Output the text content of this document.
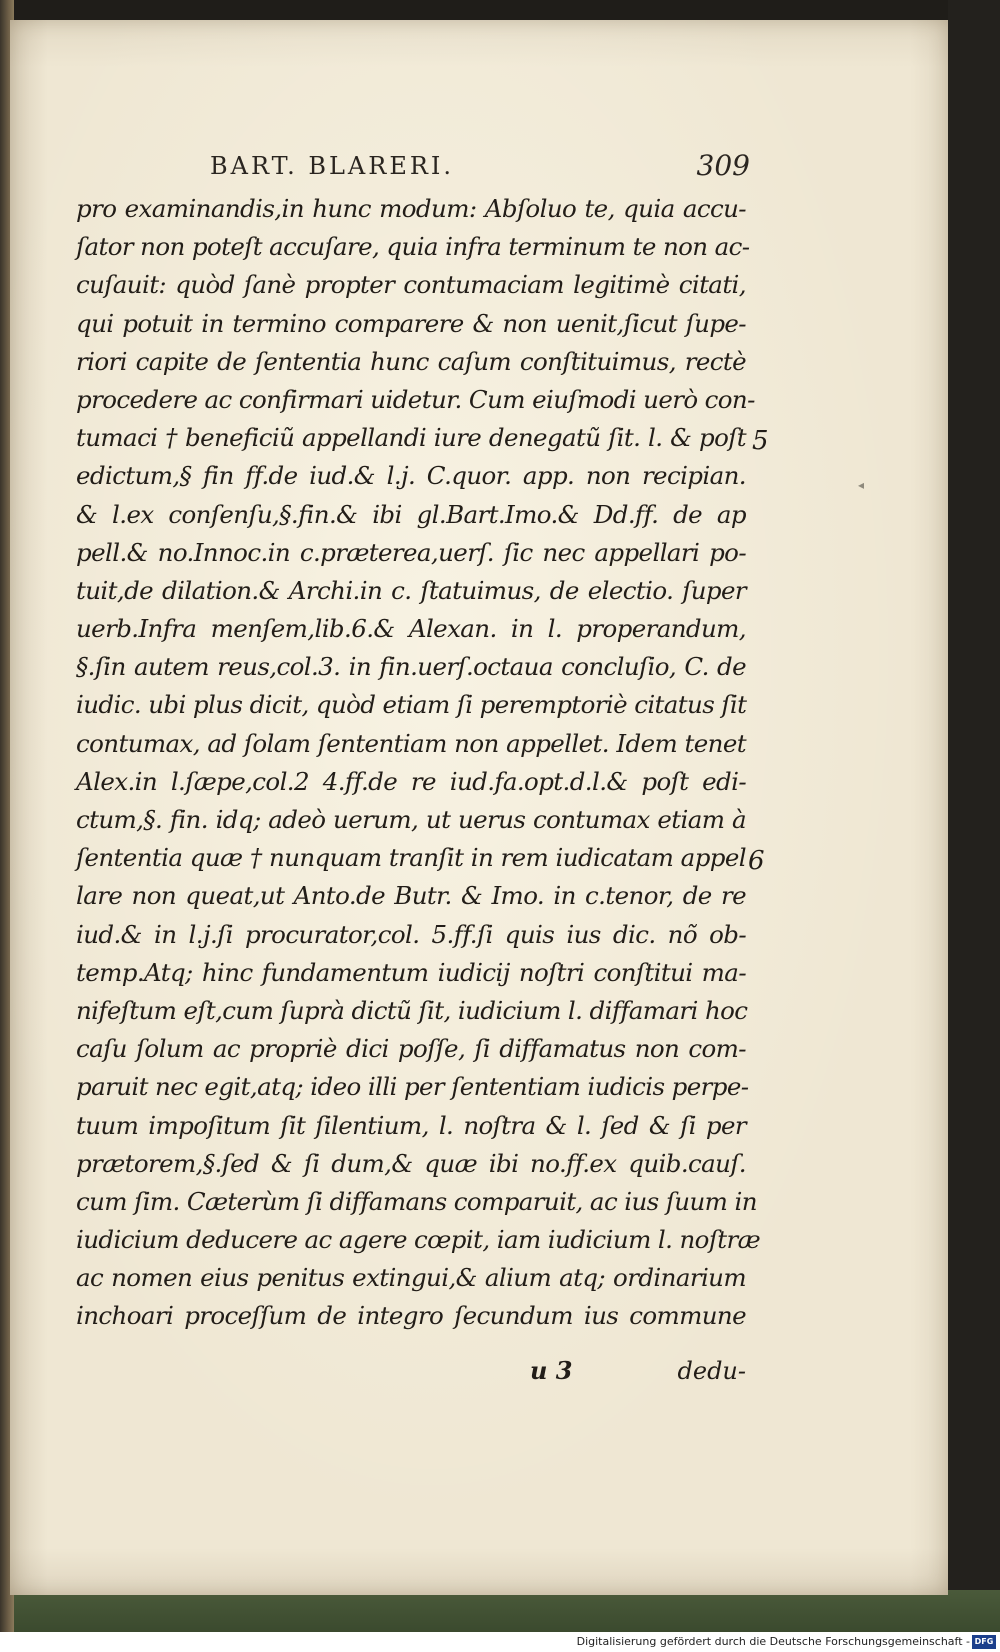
BART. BLARERI.	309
pro examinandis,in hunc modum: Abſoluo te, quia accu-
ſator non poteſt accuſare, quia infra terminum te non ac-
cuſauit: quòd ſanè propter contumaciam legitimè citati,
qui potuit in termino comparere & non uenit,ſicut ſupe-
riori capite de ſententia hunc caſum conſtituimus, rectè
procedere ac confirmari uidetur. Cum eiuſmodi uerò con-
tumaci † beneficiũ appellandi iure denegatũ ſit. l. & poſt
edictum,§ fin ff.de iud.& l.j. C.quor. app. non recipian.
& l.ex conſenſu,§.fin.& ibi gl.Bart.Imo.& Dd.ff. de ap
pell.& no.Innoc.in c.præterea,uerſ. ſic nec appellari po-
tuit,de dilation.& Archi.in c. ſtatuimus, de electio. ſuper
uerb.Infra menſem,lib.6.& Alexan. in l. properandum,
§.ſin autem reus,col.3. in fin.uerſ.octaua concluſio, C. de
iudic. ubi plus dicit, quòd etiam ſi peremptoriè citatus ſit
contumax, ad ſolam ſententiam non appellet. Idem tenet
Alex.in l.ſæpe,col.2 4.ff.de re iud.fa.opt.d.l.& poſt edi-
ctum,§. fin. idq; adeò uerum, ut uerus contumax etiam à
ſententia quæ † nunquam tranſit in rem iudicatam appel
lare non queat,ut Anto.de Butr. & Imo. in c.tenor, de re
iud.& in l.j.ſi procurator,col. 5.ff.ſi quis ius dic. nõ ob-
temp.Atq; hinc fundamentum iudicij noſtri conſtitui ma-
nifeſtum eſt,cum ſuprà dictũ ſit, iudicium l. diffamari hoc
caſu ſolum ac propriè dici poſſe, ſi diffamatus non com-
paruit nec egit,atq; ideo illi per ſententiam iudicis perpe-
tuum impoſitum ſit ſilentium, l. noſtra & l. ſed & ſi per
prætorem,§.ſed & ſi dum,& quæ ibi no.ff.ex quib.cauſ.
cum ſim. Cæterùm ſi diffamans comparuit, ac ius ſuum in
iudicium deducere ac agere cœpit, iam iudicium l. noſtræ
ac nomen eius penitus extingui,& alium atq; ordinarium
inchoari proceſſum de integro ſecundum ius commune
5
6
◂
u 3	dedu-
Digitalisierung gefördert durch die Deutsche Forschungsgemeinschaft - DFG
